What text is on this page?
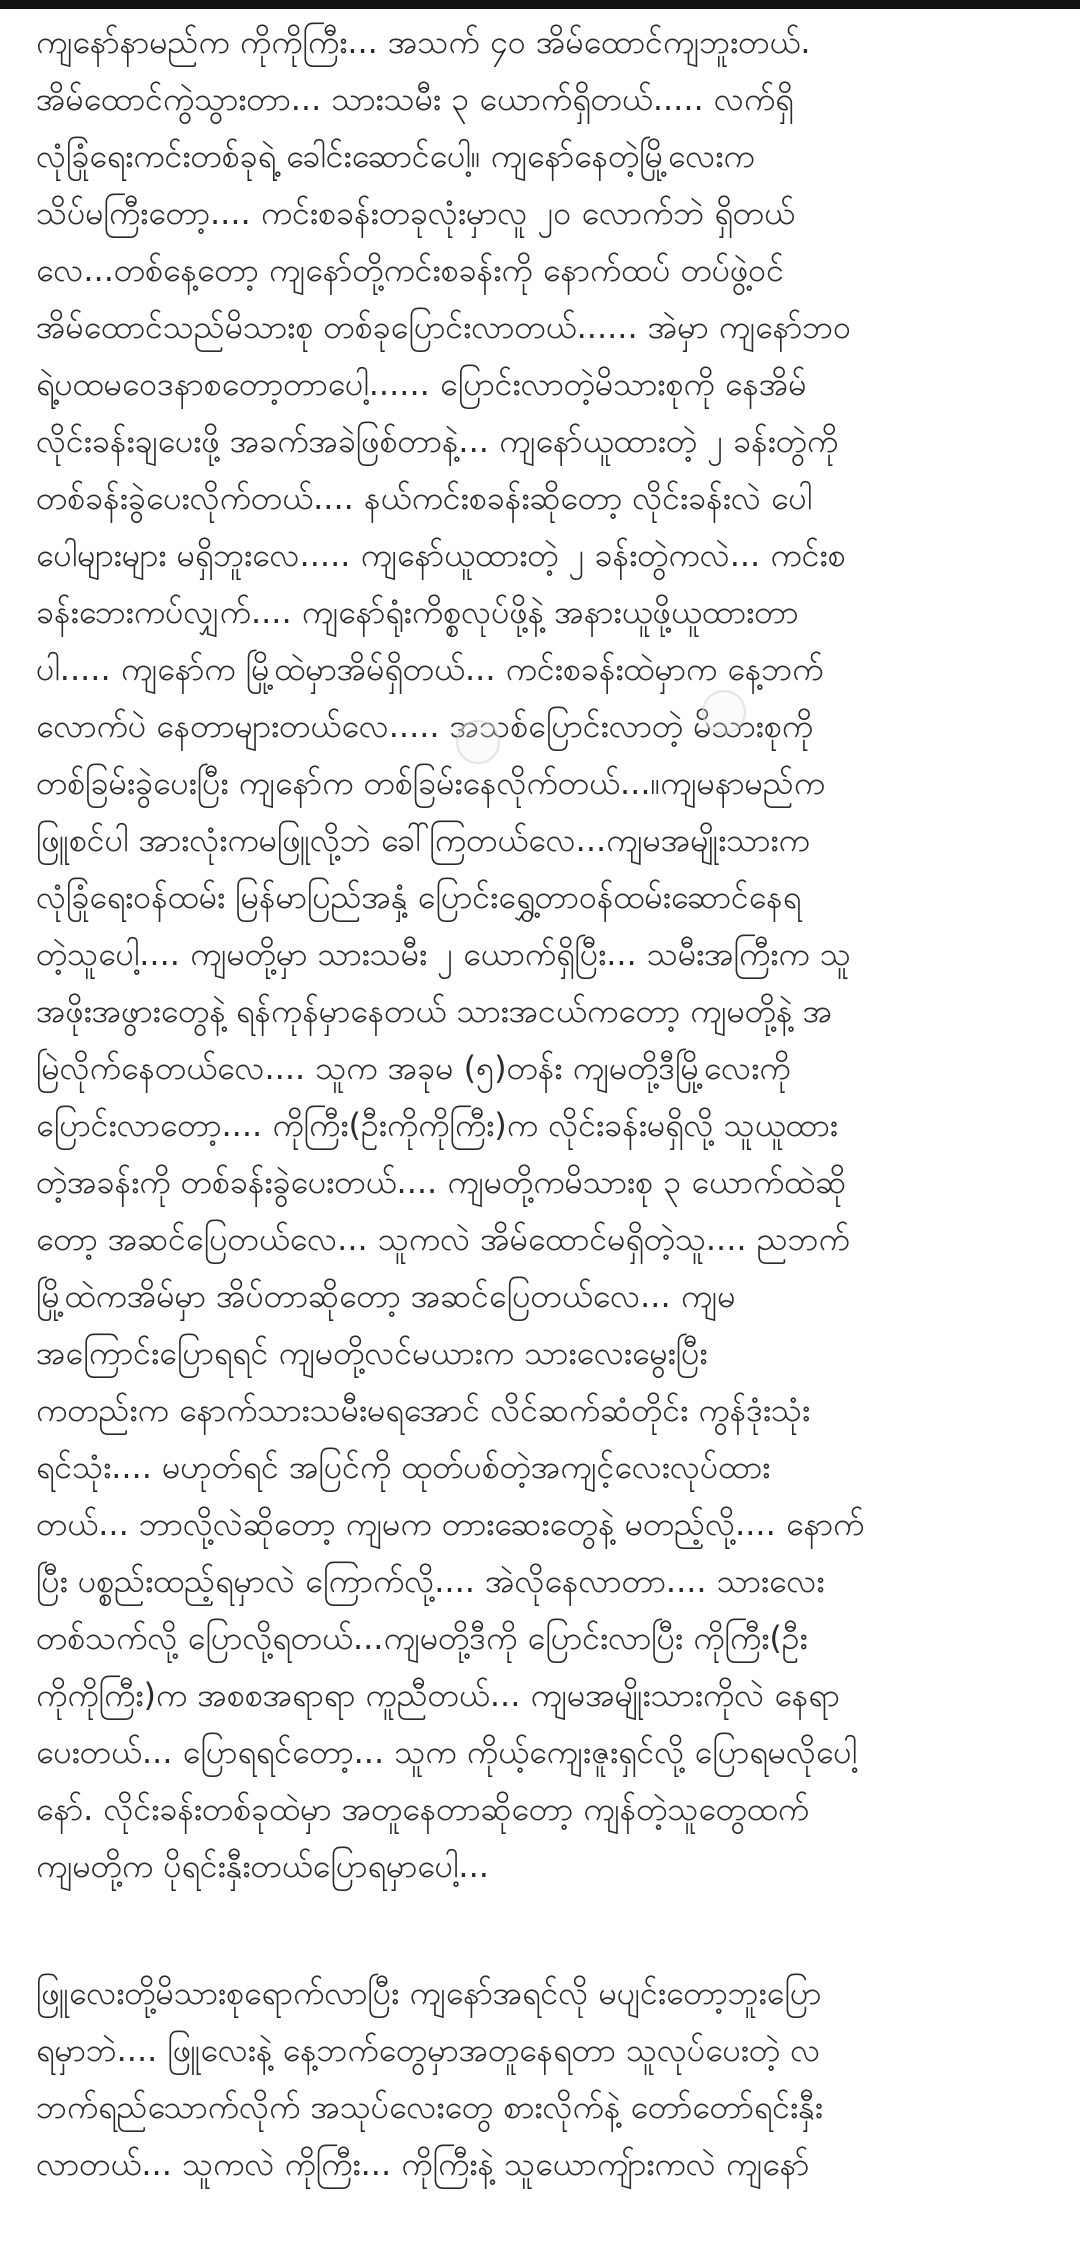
ကျနော်နာမည်က ကိုကိုကြီး... အသက် ၄၀ အိမ်ထောင်ကျဘူးတယ်.
အိမ်ထောင်ကွဲသွားတာ... သားသမီး ၃ ယောက်ရှိတယ်..... လက်ရှိ
လုံခြုံရေးကင်းတစ်ခုရဲ့ ခေါင်းဆောင်ပေါ့။ ကျနော်နေတဲ့မြို့လေးက
သိပ်မကြီးတော့.... ကင်းစခန်းတခုလုံးမှာလူ ၂၀ လောက်ဘဲ ရှိတယ်
လေ...တစ်နေ့တော့ ကျနော်တို့ကင်းစခန်းကို နောက်ထပ် တပ်ဖွဲ့ဝင်
အိမ်ထောင်သည်မိသားစု တစ်ခုပြောင်းလာတယ်...... အဲမှာ ကျနော်ဘဝ
ရဲ့ပထမဝေဒနာစတော့တာပေါ့...... ပြောင်းလာတဲ့မိသားစုကို နေအိမ်
လိုင်းခန်းချပေးဖို့ အခက်အခဲဖြစ်တာနဲ့... ကျနော်ယူထားတဲ့ ၂ ခန်းတွဲကို
တစ်ခန်းခွဲပေးလိုက်တယ်.... နယ်ကင်းစခန်းဆိုတော့ လိုင်းခန်းလဲ ပေါ
ပေါများများ မရှိဘူးလေ..... ကျနော်ယူထားတဲ့ ၂ ခန်းတွဲကလဲ... ကင်းစ
ခန်းဘေးကပ်လျှက်.... ကျနော်ရုံးကိစ္စလုပ်ဖို့နဲ့ အနားယူဖို့ယူထားတာ
ပါ..... ကျနော်က မြို့ထဲမှာအိမ်ရှိတယ်... ကင်းစခန်းထဲမှာက နေ့ဘက်
လောက်ပဲ နေတာများတယ်လေ..... အသစ်ပြောင်းလာတဲ့ မိသားစုကို
တစ်ခြမ်းခွဲပေးပြီး ကျနော်က တစ်ခြမ်းနေလိုက်တယ်...။ကျမနာမည်က
ဖြူစင်ပါ အားလုံးကမဖြူလို့ဘဲ ခေါ်ကြတယ်လေ...ကျမအမျိုးသားက
လုံခြုံရေးဝန်ထမ်း မြန်မာပြည်အနှံ့ ပြောင်းရွှေ့တာဝန်ထမ်းဆောင်နေရ
တဲ့သူပေါ့.... ကျမတို့မှာ သားသမီး ၂ ယောက်ရှိပြီး... သမီးအကြီးက သူ
အဖိုးအဖွားတွေနဲ့ ရန်ကုန်မှာနေတယ် သားအငယ်ကတော့ ကျမတို့နဲ့ အ
မြဲလိုက်နေတယ်လေ.... သူက အခုမ (၅)တန်း ကျမတို့ဒီမြို့လေးကို
ပြောင်းလာတော့.... ကိုကြီး(ဦးကိုကိုကြီး)က လိုင်းခန်းမရှိလို့ သူယူထား
တဲ့အခန်းကို တစ်ခန်းခွဲပေးတယ်.... ကျမတို့ကမိသားစု ၃ ယောက်ထဲဆို
တော့ အဆင်ပြေတယ်လေ... သူကလဲ အိမ်ထောင်မရှိတဲ့သူ.... ညဘက်
မြို့ထဲကအိမ်မှာ အိပ်တာဆိုတော့ အဆင်ပြေတယ်လေ... ကျမ
အကြောင်းပြောရရင် ကျမတို့လင်မယားက သားလေးမွေးပြီး
ကတည်းက နောက်သားသမီးမရအောင် လိင်ဆက်ဆံတိုင်း ကွန်ဒုံးသုံး
ရင်သုံး.... မဟုတ်ရင် အပြင်ကို ထုတ်ပစ်တဲ့အကျင့်လေးလုပ်ထား
တယ်... ဘာလို့လဲဆိုတော့ ကျမက တားဆေးတွေနဲ့ မတည့်လို့.... နောက်
ပြီး ပစ္စည်းထည့်ရမှာလဲ ကြောက်လို့.... အဲလိုနေလာတာ.... သားလေး
တစ်သက်လို့ ပြောလို့ရတယ်...ကျမတို့ဒီကို ပြောင်းလာပြီး ကိုကြီး(ဦး
ကိုကိုကြီး)က အစစအရာရာ ကူညီတယ်... ကျမအမျိုးသားကိုလဲ နေရာ
ပေးတယ်... ပြောရရင်တော့... သူက ကိုယ့်ကျေးဇူးရှင်လို့ ပြောရမလိုပေါ့
နော်. လိုင်းခန်းတစ်ခုထဲမှာ အတူနေတာဆိုတော့ ကျန်တဲ့သူတွေထက်
ကျမတို့က ပိုရင်းနှီးတယ်ပြောရမှာပေါ့...
ဖြူလေးတို့မိသားစုရောက်လာပြီး ကျနော်အရင်လို မပျင်းတော့ဘူးပြော
ရမှာဘဲ.... ဖြူလေးနဲ့ နေ့ဘက်တွေမှာအတူနေရတာ သူလုပ်ပေးတဲ့ လ
ဘက်ရည်သောက်လိုက် အသုပ်လေးတွေ စားလိုက်နဲ့ တော်တော်ရင်းနှီး
လာတယ်... သူကလဲ ကိုကြီး... ကိုကြီးနဲ့ သူယောကျ်ားကလဲ ကျနော်
